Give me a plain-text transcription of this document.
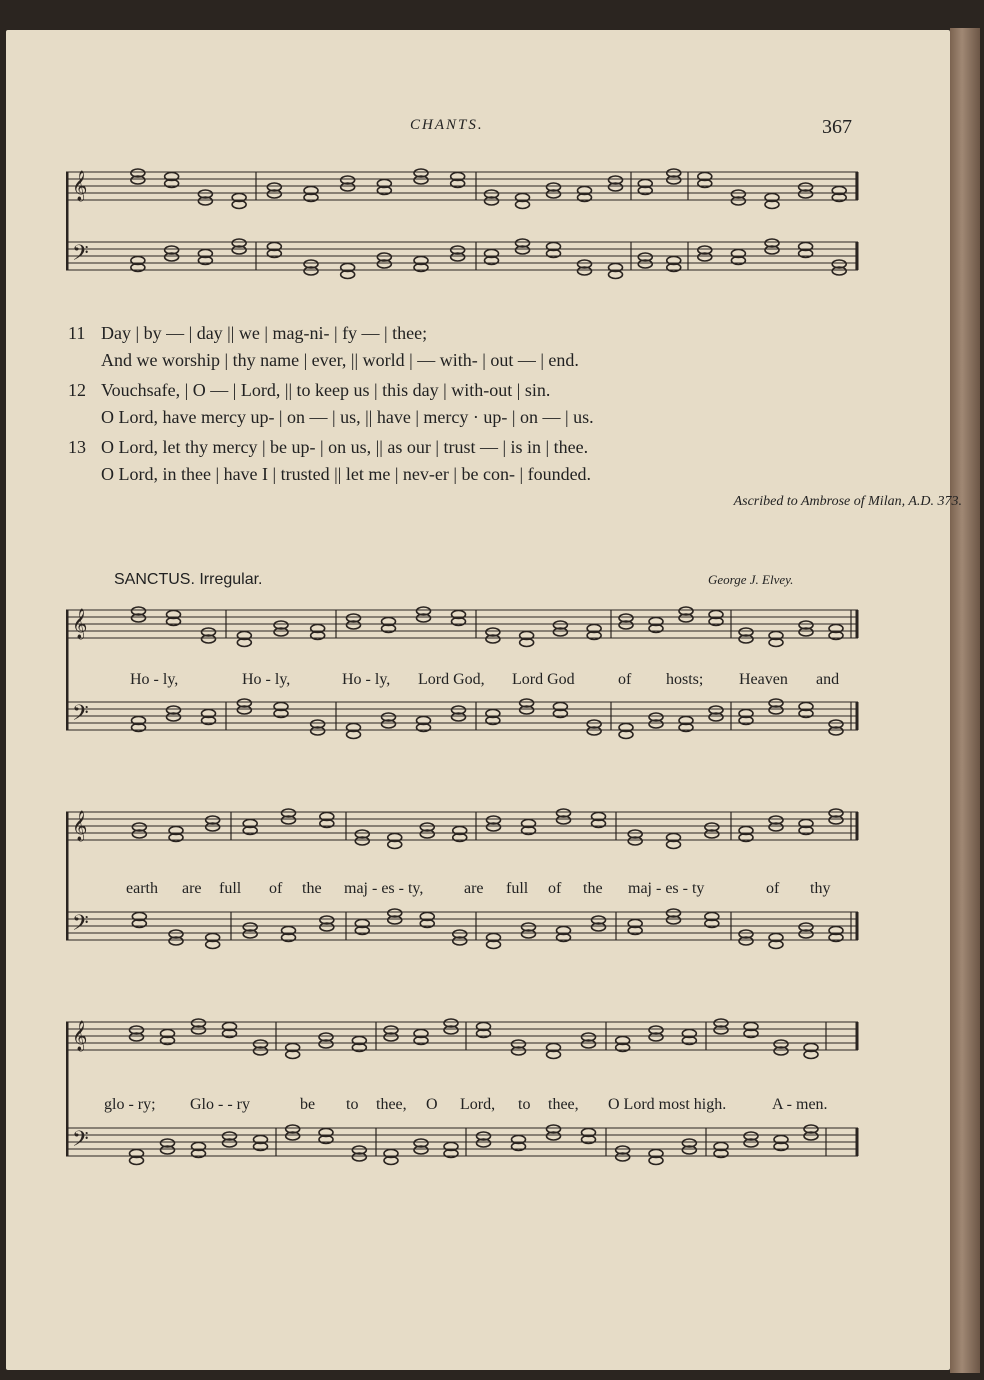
CHANTS.	367
𝄞
𝄢
11 Day | by — | day || we | mag-ni- | fy — | thee;
And we worship | thy name | ever, || world | — with- | out — | end.
12 Vouchsafe, | O — | Lord, || to keep us | this day | with-out | sin.
O Lord, have mercy up- | on — | us, || have | mercy · up- | on — | us.
13 O Lord, let thy mercy | be up- | on us, || as our | trust — | is in | thee.
O Lord, in thee | have I | trusted || let me | nev-er | be con- | founded.
Ascribed to Ambrose of Milan, A.D. 373.
SANCTUS. Irregular.	George J. Elvey.
𝄞
𝄢
𝄞
𝄢
𝄞
𝄢
Ho - ly,	Ho - ly,	Ho - ly, Lord God, Lord God	of hosts; Heaven and
earth are full of the maj - es - ty,	are full of the maj - es - ty	of thy
glo - ry; Glo - - ry	be to thee, O Lord, to thee, O Lord most high.	A - men.
